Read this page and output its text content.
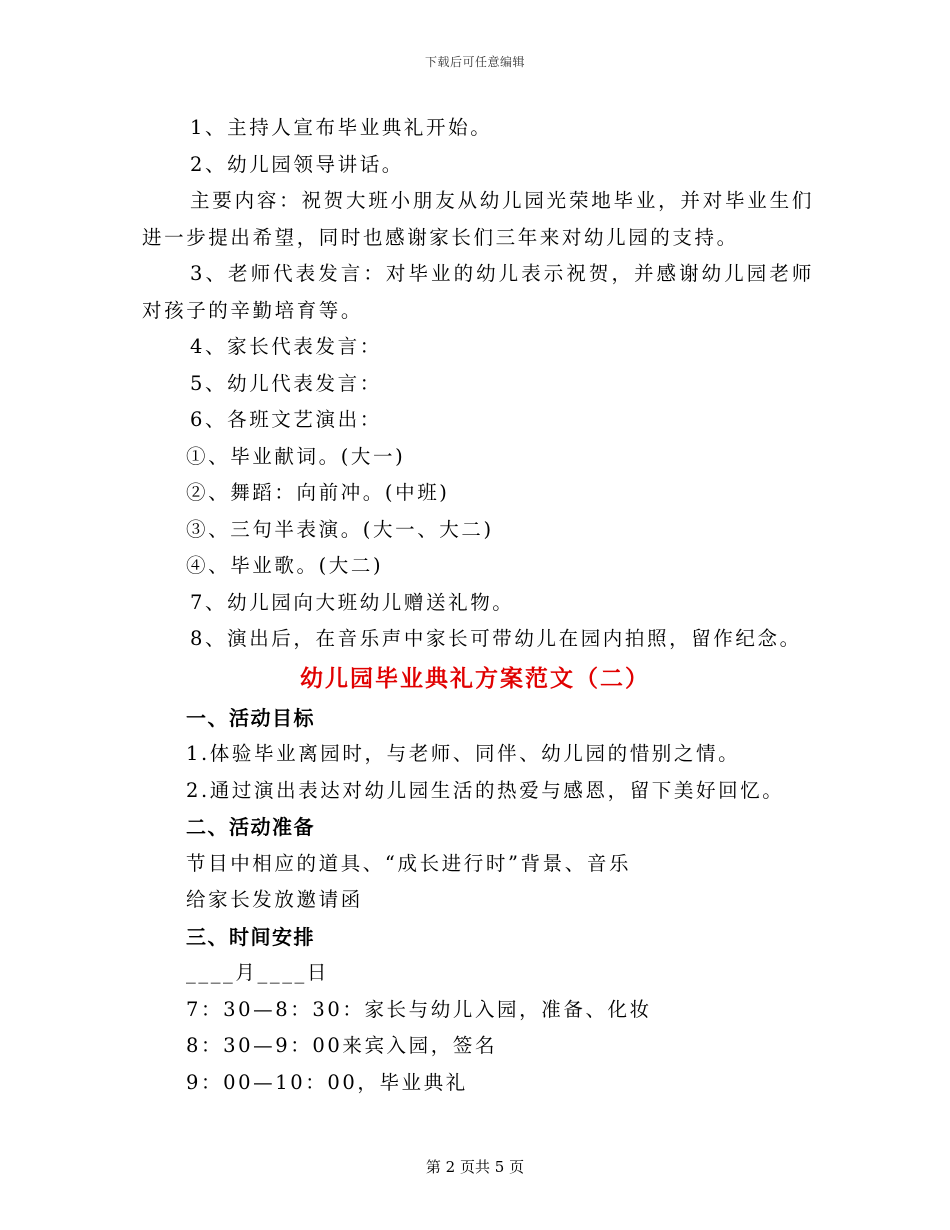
下载后可任意编辑
1、主持人宣布毕业典礼开始。
2、幼儿园领导讲话。
主要内容：祝贺大班小朋友从幼儿园光荣地毕业，并对毕业生们进一步提出希望，同时也感谢家长们三年来对幼儿园的支持。
3、老师代表发言：对毕业的幼儿表示祝贺，并感谢幼儿园老师对孩子的辛勤培育等。
4、家长代表发言：
5、幼儿代表发言：
6、各班文艺演出：
①、毕业献词。(大一)
②、舞蹈：向前冲。(中班)
③、三句半表演。(大一、大二)
④、毕业歌。(大二)
7、幼儿园向大班幼儿赠送礼物。
8、演出后，在音乐声中家长可带幼儿在园内拍照，留作纪念。
幼儿园毕业典礼方案范文（二）
一、活动目标
1.体验毕业离园时，与老师、同伴、幼儿园的惜别之情。
2.通过演出表达对幼儿园生活的热爱与感恩，留下美好回忆。
二、活动准备
节目中相应的道具、“成长进行时”背景、音乐
给家长发放邀请函
三、时间安排
____月____日
7：30—8：30：家长与幼儿入园，准备、化妆
8：30—9：00来宾入园，签名
9：00—10：00，毕业典礼
第 2 页共 5 页
